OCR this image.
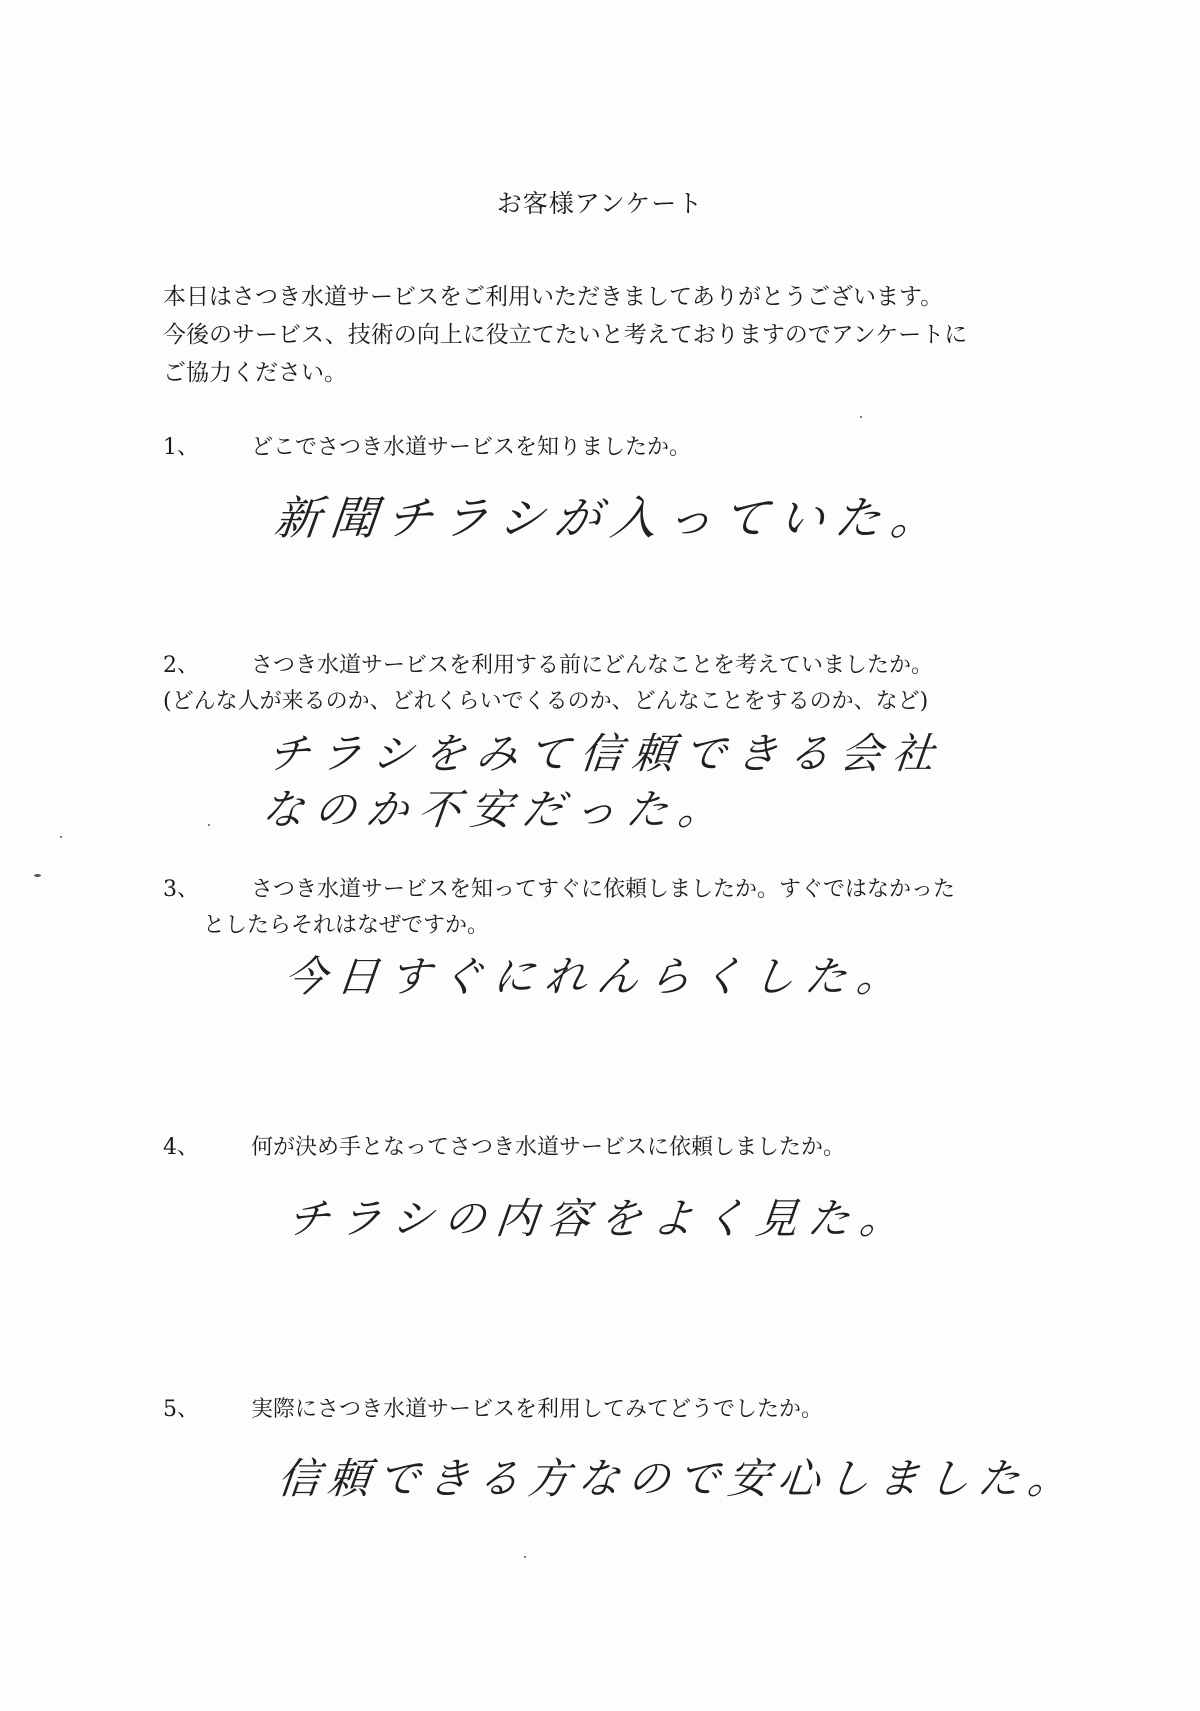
お客様アンケート
本日はさつき水道サービスをご利用いただきましてありがとうございます。
今後のサービス、技術の向上に役立てたいと考えておりますのでアンケートに
ご協力ください。
1、 どこでさつき水道サービスを知りましたか。
新聞チラシが入っていた。
2、 さつき水道サービスを利用する前にどんなことを考えていましたか。
(どんな人が来るのか、どれくらいでくるのか、どんなことをするのか、など)
チラシをみて信頼できる会社
なのか不安だった。
3、 さつき水道サービスを知ってすぐに依頼しましたか。すぐではなかった
としたらそれはなぜですか。
今日すぐにれんらくした。
4、 何が決め手となってさつき水道サービスに依頼しましたか。
チラシの内容をよく見た。
5、 実際にさつき水道サービスを利用してみてどうでしたか。
信頼できる方なので安心しました。
